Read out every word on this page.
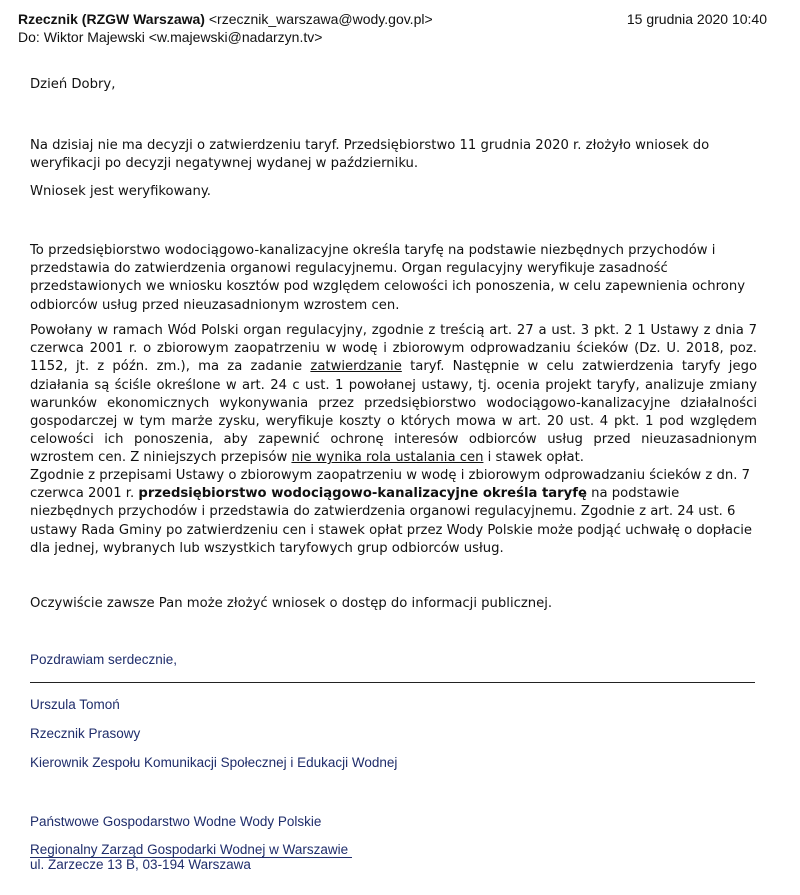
Rzecznik (RZGW Warszawa) <rzecznik_warszawa@wody.gov.pl>
Do: Wiktor Majewski <w.majewski@nadarzyn.tv>
15 grudnia 2020 10:40
Dzień Dobry,

Na dzisiaj nie ma decyzji o zatwierdzeniu taryf. Przedsiębiorstwo 11 grudnia 2020 r. złożyło wniosek do weryfikacji po decyzji negatywnej wydanej w październiku.

Wniosek jest weryfikowany.

To przedsiębiorstwo wodociągowo-kanalizacyjne określa taryfę na podstawie niezbędnych przychodów i przedstawia do zatwierdzenia organowi regulacyjnemu. Organ regulacyjny weryfikuje zasadność przedstawionych we wniosku kosztów pod względem celowości ich ponoszenia, w celu zapewnienia ochrony odbiorców usług przed nieuzasadnionym wzrostem cen.

Powołany w ramach Wód Polski organ regulacyjny, zgodnie z treścią art. 27 a ust. 3 pkt. 2 1 Ustawy z dnia 7 czerwca 2001 r. o zbiorowym zaopatrzeniu w wodę i zbiorowym odprowadzaniu ścieków (Dz. U. 2018, poz. 1152, jt. z późn. zm.), ma za zadanie zatwierdzanie taryf. Następnie w celu zatwierdzenia taryfy jego działania są ściśle określone w art. 24 c ust. 1 powołanej ustawy, tj. ocenia projekt taryfy, analizuje zmiany warunków ekonomicznych wykonywania przez przedsiębiorstwo wodociągowo-kanalizacyjne działalności gospodarczej w tym marże zysku, weryfikuje koszty o których mowa w art. 20 ust. 4 pkt. 1 pod względem celowości ich ponoszenia, aby zapewnić ochronę interesów odbiorców usług przed nieuzasadnionym wzrostem cen. Z niniejszych przepisów nie wynika rola ustalania cen i stawek opłat.

Zgodnie z przepisami Ustawy o zbiorowym zaopatrzeniu w wodę i zbiorowym odprowadzaniu ścieków z dn. 7 czerwca 2001 r. przedsiębiorstwo wodociągowo-kanalizacyjne określa taryfę na podstawie niezbędnych przychodów i przedstawia do zatwierdzenia organowi regulacyjnemu. Zgodnie z art. 24 ust. 6 ustawy Rada Gminy po zatwierdzeniu cen i stawek opłat przez Wody Polskie może podjąć uchwałę o dopłacie dla jednej, wybranych lub wszystkich taryfowych grup odbiorców usług.

Oczywiście zawsze Pan może złożyć wniosek o dostęp do informacji publicznej.

Pozdrawiam serdecznie,
Urszula Tomoń
Rzecznik Prasowy
Kierownik Zespołu Komunikacji Społecznej i Edukacji Wodnej
Państwowe Gospodarstwo Wodne Wody Polskie
Regionalny Zarząd Gospodarki Wodnej w Warszawie
ul. Zarzecze 13 B, 03-194 Warszawa
